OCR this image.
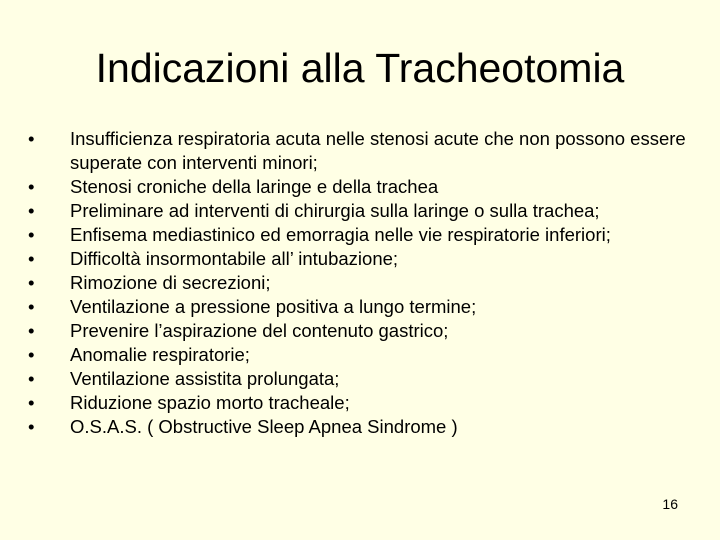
Indicazioni alla Tracheotomia
•	Insufficienza respiratoria acuta nelle stenosi acute che non possono essere superate con interventi minori;
•	Stenosi croniche della laringe e della trachea
•	Preliminare ad interventi di chirurgia sulla laringe o sulla trachea;
•	Enfisema mediastinico ed emorragia nelle vie respiratorie inferiori;
•	Difficoltà insormontabile all’ intubazione;
•	Rimozione di secrezioni;
•	Ventilazione a pressione positiva a lungo termine;
•	Prevenire l’aspirazione del contenuto gastrico;
•	Anomalie respiratorie;
•	Ventilazione assistita prolungata;
•	Riduzione spazio morto tracheale;
•	O.S.A.S. ( Obstructive Sleep Apnea Sindrome )
16
